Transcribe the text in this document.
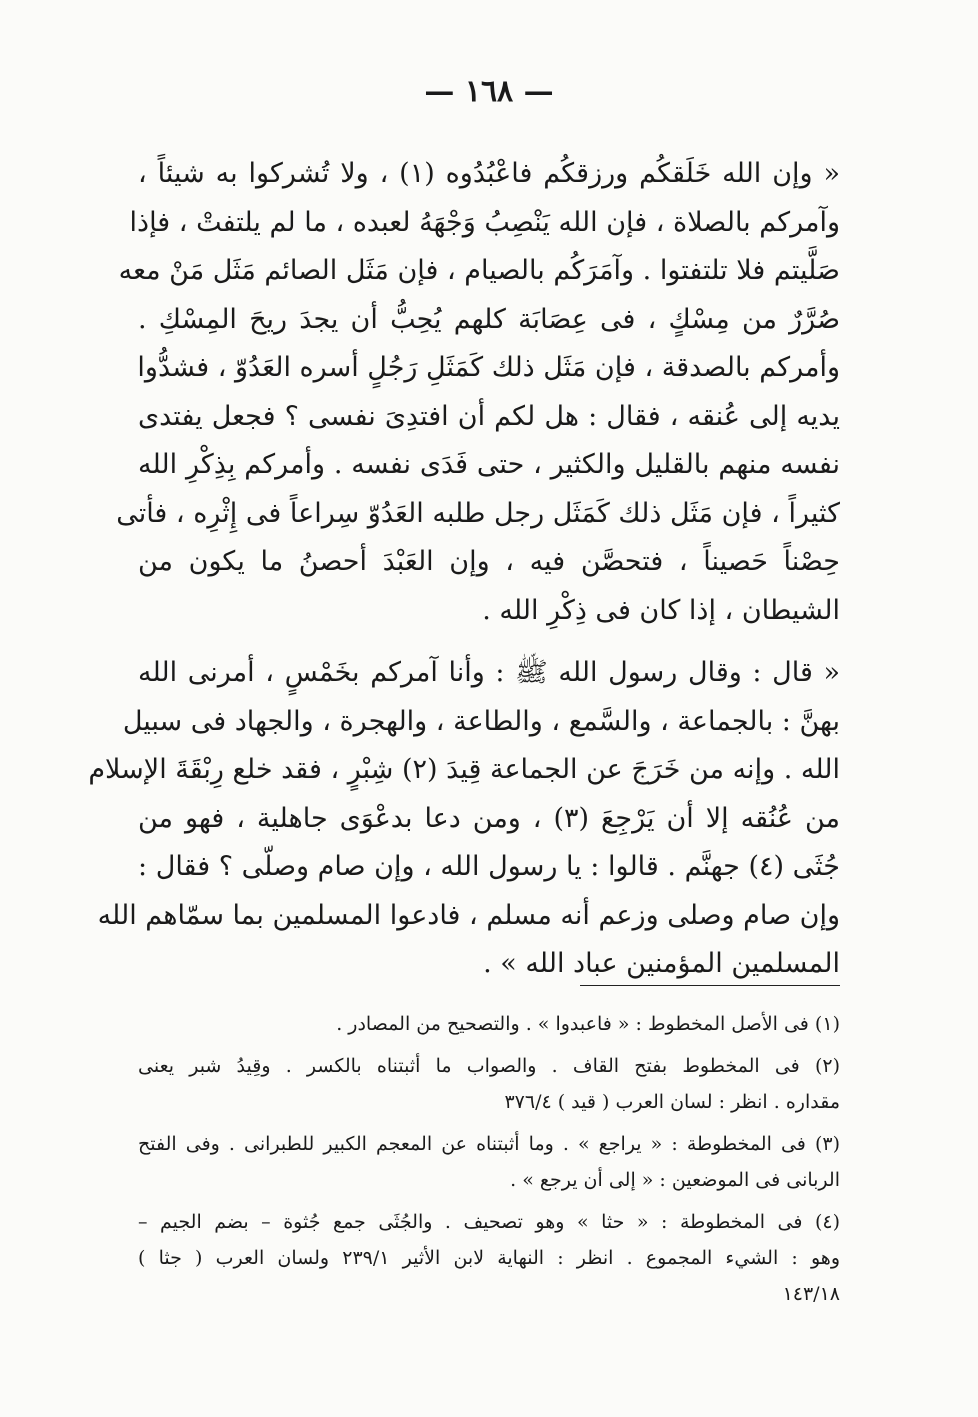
— ١٦٨ —

« وإن الله خَلَقكُم ورزقكُم فاعْبُدُوه (١) ، ولا تُشركوا به شيئاً ،
وآمركم بالصلاة ، فإن الله يَنْصِبُ وَجْهَهُ لعبده ، ما لم يلتفتْ ، فإذا
صَلَّيتم فلا تلتفتوا . وآمَرَكُم بالصيام ، فإن مَثَل الصائم مَثَل مَنْ معه
صُرَّرٌ من مِسْكٍ ، فى عِصَابَة كلهم يُحِبُّ أن يجدَ ريحَ المِسْكِ .
وأمركم بالصدقة ، فإن مَثَل ذلك كَمَثَلِ رَجُلٍ أسره العَدُوّ ، فشدُّوا
يديه إلى عُنقه ، فقال : هل لكم أن افتدِىَ نفسى ؟ فجعل يفتدى
نفسه منهم بالقليل والكثير ، حتى فَدَى نفسه . وأمركم بِذِكْرِ الله
كثيراً ، فإن مَثَل ذلك كَمَثَل رجل طلبه العَدُوّ سِراعاً فى إِثْرِه ، فأتى
حِصْناً حَصيناً ، فتحصَّن فيه ، وإن العَبْدَ أحصنُ ما يكون من
الشيطان ، إذا كان فى ذِكْرِ الله .

« قال : وقال رسول الله ﷺ : وأنا آمركم بخَمْسٍ ، أمرنى الله
بهنَّ : بالجماعة ، والسَّمع ، والطاعة ، والهجرة ، والجهاد فى سبيل
الله . وإنه من خَرَجَ عن الجماعة قِيدَ (٢) شِبْرٍ ، فقد خلع رِبْقَةَ الإسلام
من عُنُقه إلا أن يَرْجِعَ (٣) ، ومن دعا بدعْوَى جاهلية ، فهو من
جُثَى (٤) جهنَّم . قالوا : يا رسول الله ، وإن صام وصلّى ؟ فقال :
وإن صام وصلى وزعم أنه مسلم ، فادعوا المسلمين بما سمّاهم الله
المسلمين المؤمنين عباد الله » .

(١) فى الأصل المخطوط : « فاعبدوا » . والتصحيح من المصادر .

(٢) فى المخطوط بفتح القاف . والصواب ما أثبتناه بالكسر . وقِيدُ شبر يعنى
مقداره . انظر : لسان العرب ( قيد ) ٣٧٦/٤

(٣) فى المخطوطة : « يراجع » . وما أثبتناه عن المعجم الكبير للطبرانى . وفى الفتح
الربانى فى الموضعين : « إلى أن يرجع » .

(٤) فى المخطوطة : « حثا » وهو تصحيف . والجُثَى جمع جُثوة – بضم الجيم –
وهو : الشيء المجموع . انظر : النهاية لابن الأثير ٢٣٩/١ ولسان العرب ( جثا )
١٤٣/١٨
